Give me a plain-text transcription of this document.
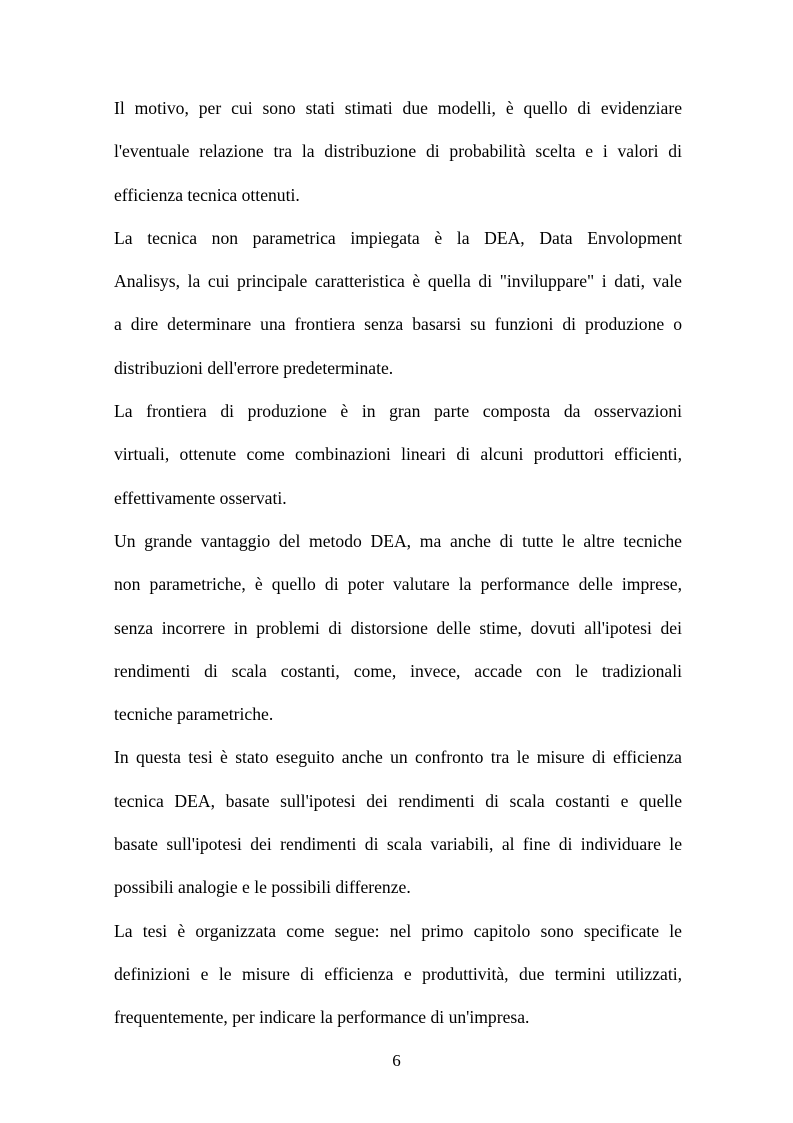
Il motivo, per cui sono stati stimati due modelli, è quello di evidenziare
l'eventuale relazione tra la distribuzione di probabilità scelta e i valori di
efficienza tecnica ottenuti.
La tecnica non parametrica impiegata è la DEA, Data Envolopment
Analisys, la cui principale caratteristica è quella di "inviluppare" i dati, vale
a dire determinare una frontiera senza basarsi su funzioni di produzione o
distribuzioni dell'errore predeterminate.
La frontiera di produzione è in gran parte composta da osservazioni
virtuali, ottenute come combinazioni lineari di alcuni produttori efficienti,
effettivamente osservati.
Un grande vantaggio del metodo DEA, ma anche di tutte le altre tecniche
non parametriche, è quello di poter valutare la performance delle imprese,
senza incorrere in problemi di distorsione delle stime, dovuti all'ipotesi dei
rendimenti di scala costanti, come, invece, accade con le tradizionali
tecniche parametriche.
In questa tesi è stato eseguito anche un confronto tra le misure di efficienza
tecnica DEA, basate sull'ipotesi dei rendimenti di scala costanti e quelle
basate sull'ipotesi dei rendimenti di scala variabili, al fine di individuare le
possibili analogie e le possibili differenze.
La tesi è organizzata come segue: nel primo capitolo sono specificate le
definizioni e le misure di efficienza e produttività, due termini utilizzati,
frequentemente, per indicare la performance di un'impresa.
6
